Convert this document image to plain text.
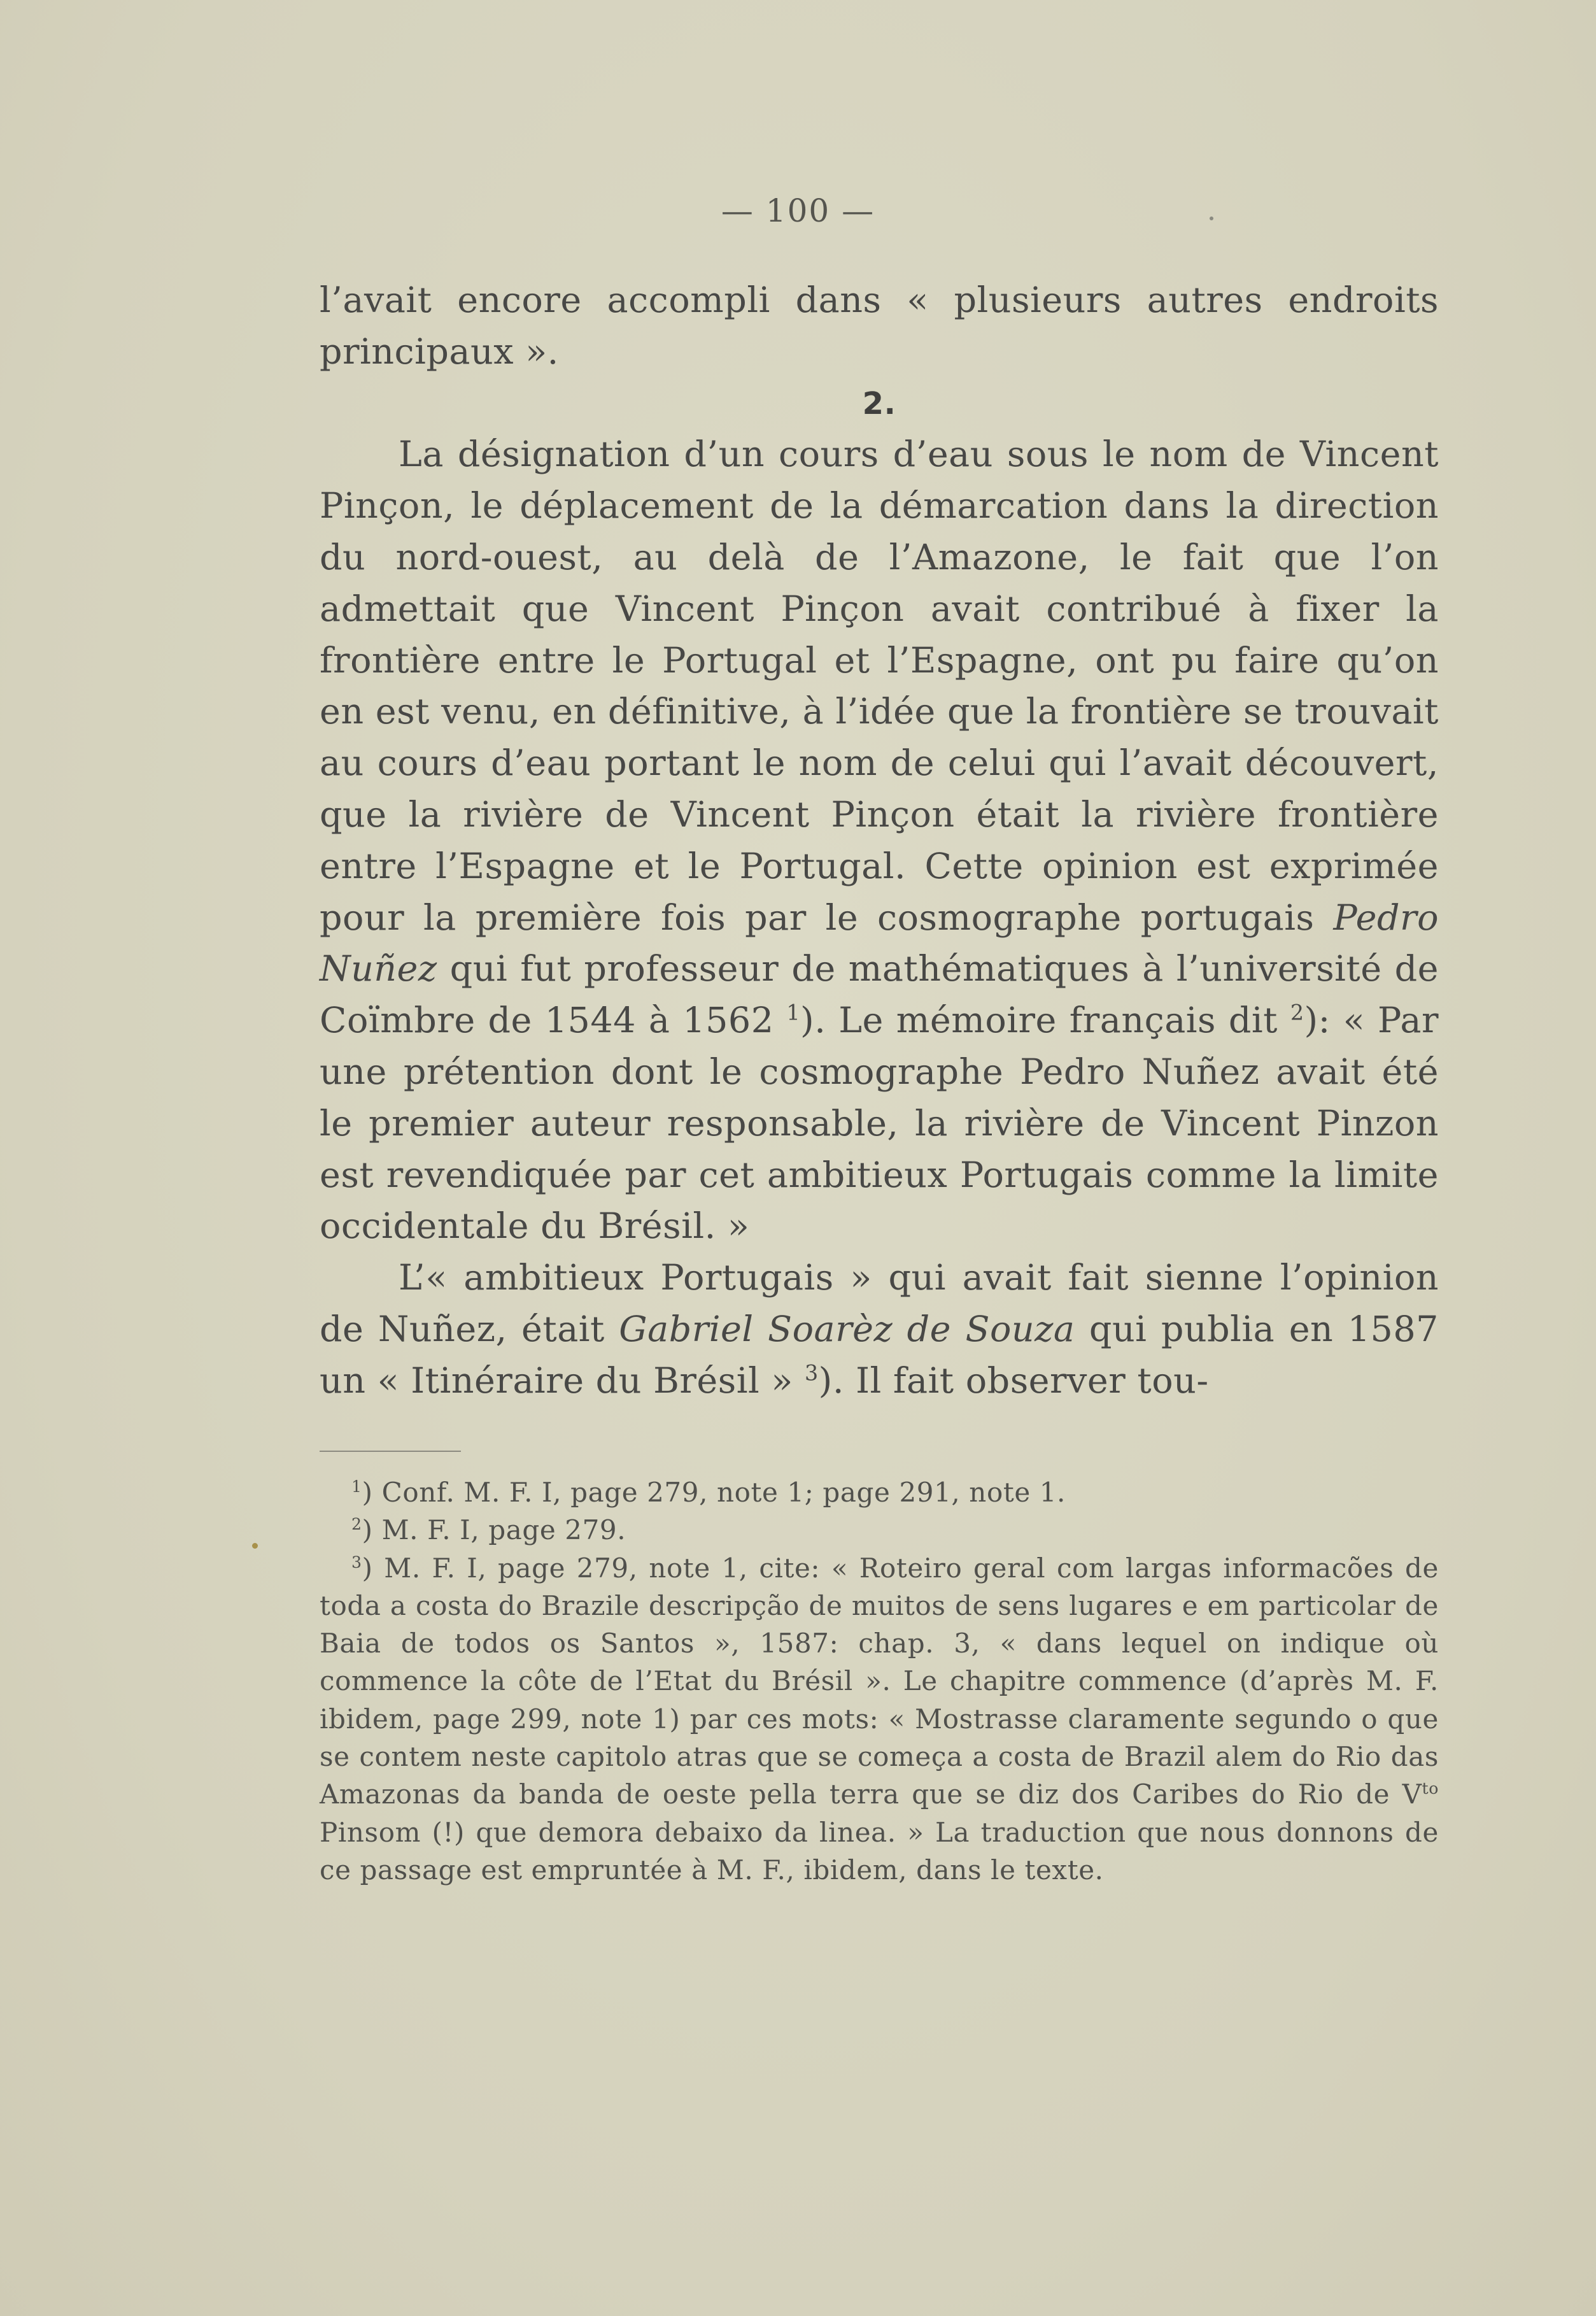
— 100 —

l’avait encore accompli dans « plusieurs autres endroits principaux ».

2.

La désignation d’un cours d’eau sous le nom de Vincent Pinçon, le déplacement de la démarcation dans la direction du nord-ouest, au delà de l’Amazone, le fait que l’on admettait que Vincent Pinçon avait contribué à fixer la frontière entre le Portugal et l’Espagne, ont pu faire qu’on en est venu, en définitive, à l’idée que la frontière se trouvait au cours d’eau portant le nom de celui qui l’avait découvert, que la rivière de Vincent Pinçon était la rivière frontière entre l’Espagne et le Portugal. Cette opinion est exprimée pour la première fois par le cosmographe portugais Pedro Nuñez qui fut professeur de mathématiques à l’université de Coïmbre de 1544 à 1562 $^1$). Le mémoire français dit $^2$): « Par une prétention dont le cosmographe Pedro Nuñez avait été le premier auteur responsable, la rivière de Vincent Pinzon est revendiquée par cet ambitieux Portugais comme la limite occidentale du Brésil. »

L’« ambitieux Portugais » qui avait fait sienne l’opinion de Nuñez, était Gabriel Soarèz de Souza qui publia en 1587 un « Itinéraire du Brésil » $^3$). Il fait observer tou-

$^1$) Conf. M. F. I, page 279, note 1; page 291, note 1.

$^2$) M. F. I, page 279.

$^3$) M. F. I, page 279, note 1, cite: « Roteiro geral com largas informacões de toda a costa do Brazile descripção de muitos de sens lugares e em particolar de Baia de todos os Santos », 1587: chap. 3, « dans lequel on indique où commence la côte de l’Etat du Brésil ». Le chapitre commence (d’après M. F. ibidem, page 299, note 1) par ces mots: « Mostrasse claramente segundo o que se contem neste capitolo atras que se começa a costa de Brazil alem do Rio das Amazonas da banda de oeste pella terra que se diz dos Caribes do Rio de $V^{to}$ Pinsom (!) que demora debaixo da linea. » La traduction que nous donnons de ce passage est empruntée à M. F., ibidem, dans le texte.
